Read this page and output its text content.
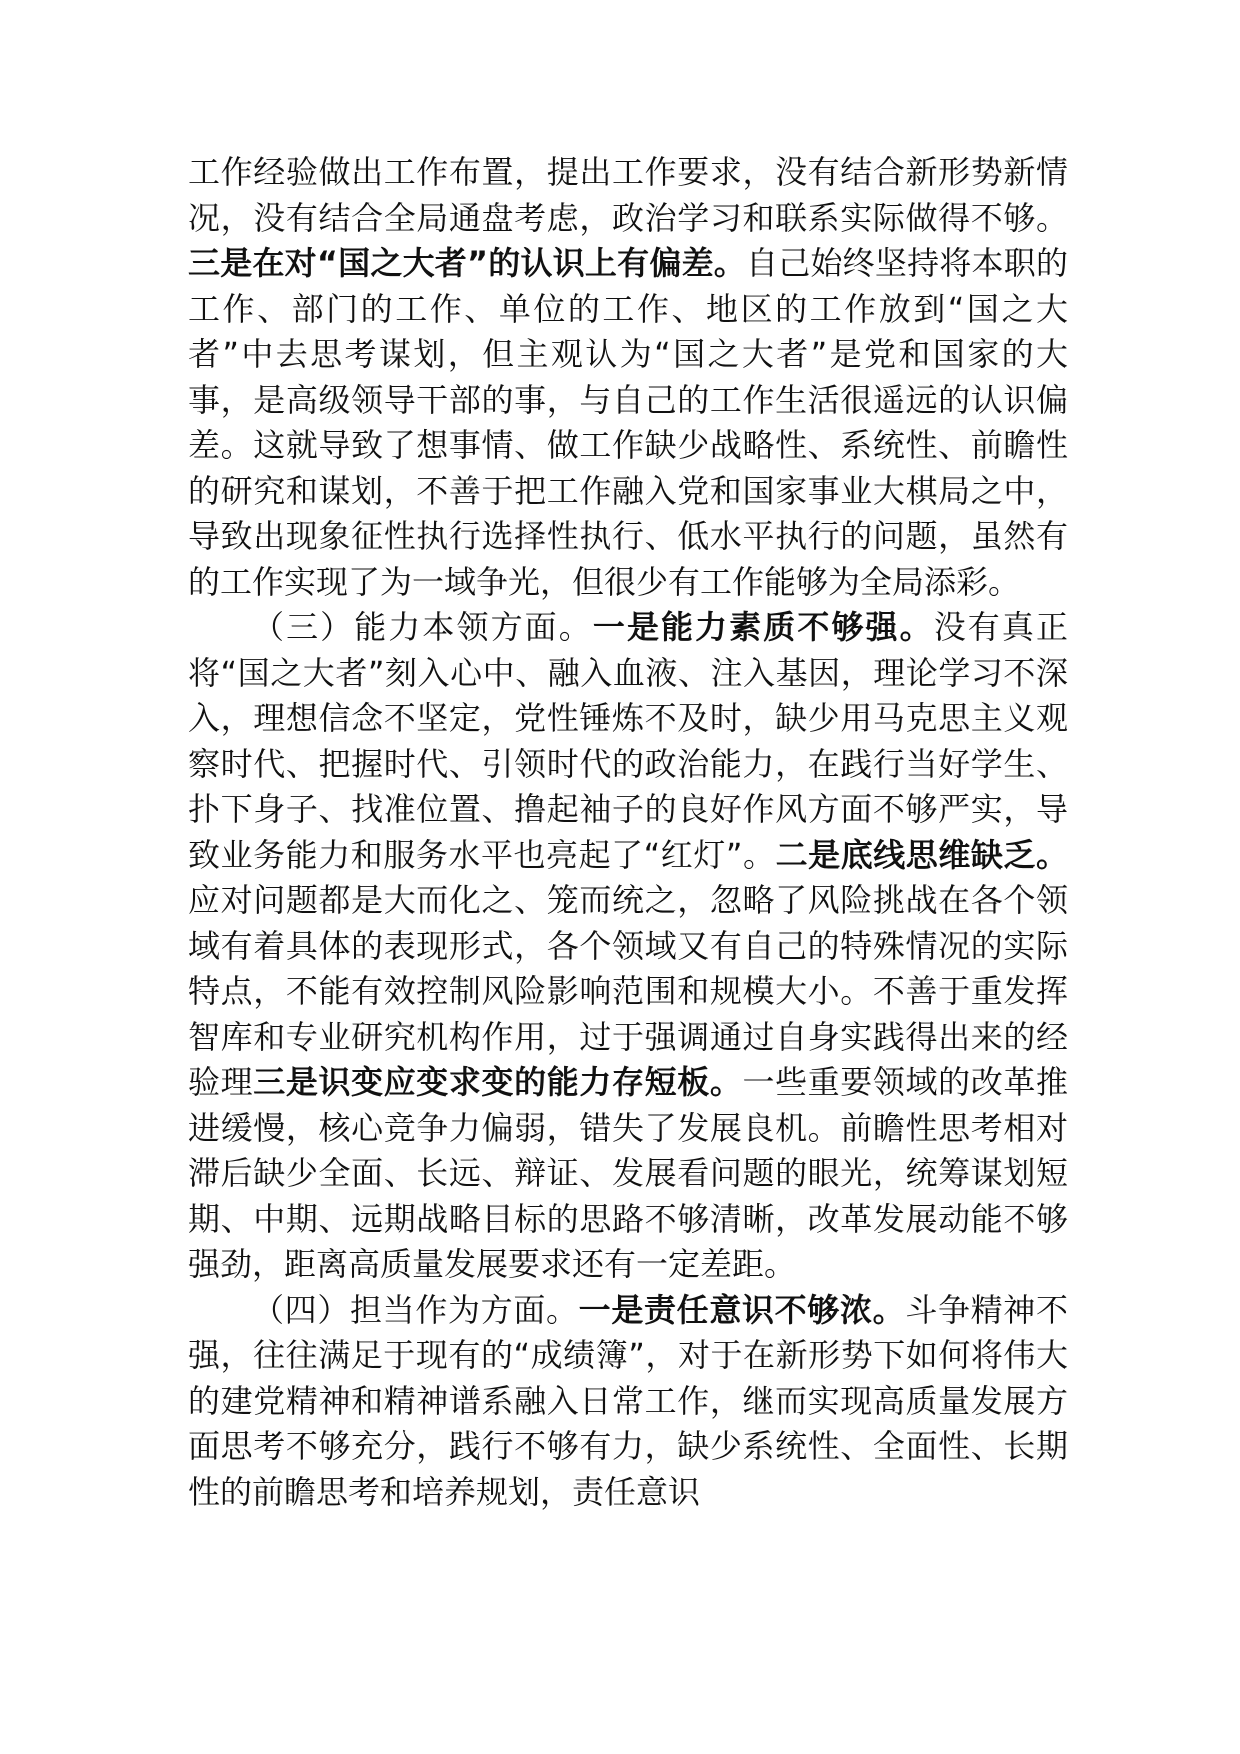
工作经验做出工作布置，提出工作要求，没有结合新形势新情况，没有结合全局通盘考虑，政治学习和联系实际做得不够。三是在对“国之大者”的认识上有偏差。自己始终坚持将本职的工作、部门的工作、单位的工作、地区的工作放到“国之大者”中去思考谋划，但主观认为“国之大者”是党和国家的大事，是高级领导干部的事，与自己的工作生活很遥远的认识偏差。这就导致了想事情、做工作缺少战略性、系统性、前瞻性的研究和谋划，不善于把工作融入党和国家事业大棋局之中，导致出现象征性执行选择性执行、低水平执行的问题，虽然有的工作实现了为一域争光，但很少有工作能够为全局添彩。

（三）能力本领方面。一是能力素质不够强。没有真正将“国之大者”刻入心中、融入血液、注入基因，理论学习不深入，理想信念不坚定，党性锤炼不及时，缺少用马克思主义观察时代、把握时代、引领时代的政治能力，在践行当好学生、扑下身子、找准位置、撸起袖子的良好作风方面不够严实，导致业务能力和服务水平也亮起了“红灯”。二是底线思维缺乏。应对问题都是大而化之、笼而统之，忽略了风险挑战在各个领域有着具体的表现形式，各个领域又有自己的特殊情况的实际特点，不能有效控制风险影响范围和规模大小。不善于重发挥智库和专业研究机构作用，过于强调通过自身实践得出来的经验理三是识变应变求变的能力存短板。一些重要领域的改革推进缓慢，核心竞争力偏弱，错失了发展良机。前瞻性思考相对滞后缺少全面、长远、辩证、发展看问题的眼光，统筹谋划短期、中期、远期战略目标的思路不够清晰，改革发展动能不够强劲，距离高质量发展要求还有一定差距。

（四）担当作为方面。一是责任意识不够浓。斗争精神不强，往往满足于现有的“成绩簿”，对于在新形势下如何将伟大的建党精神和精神谱系融入日常工作，继而实现高质量发展方面思考不够充分，践行不够有力，缺少系统性、全面性、长期性的前瞻思考和培养规划，责任意识
